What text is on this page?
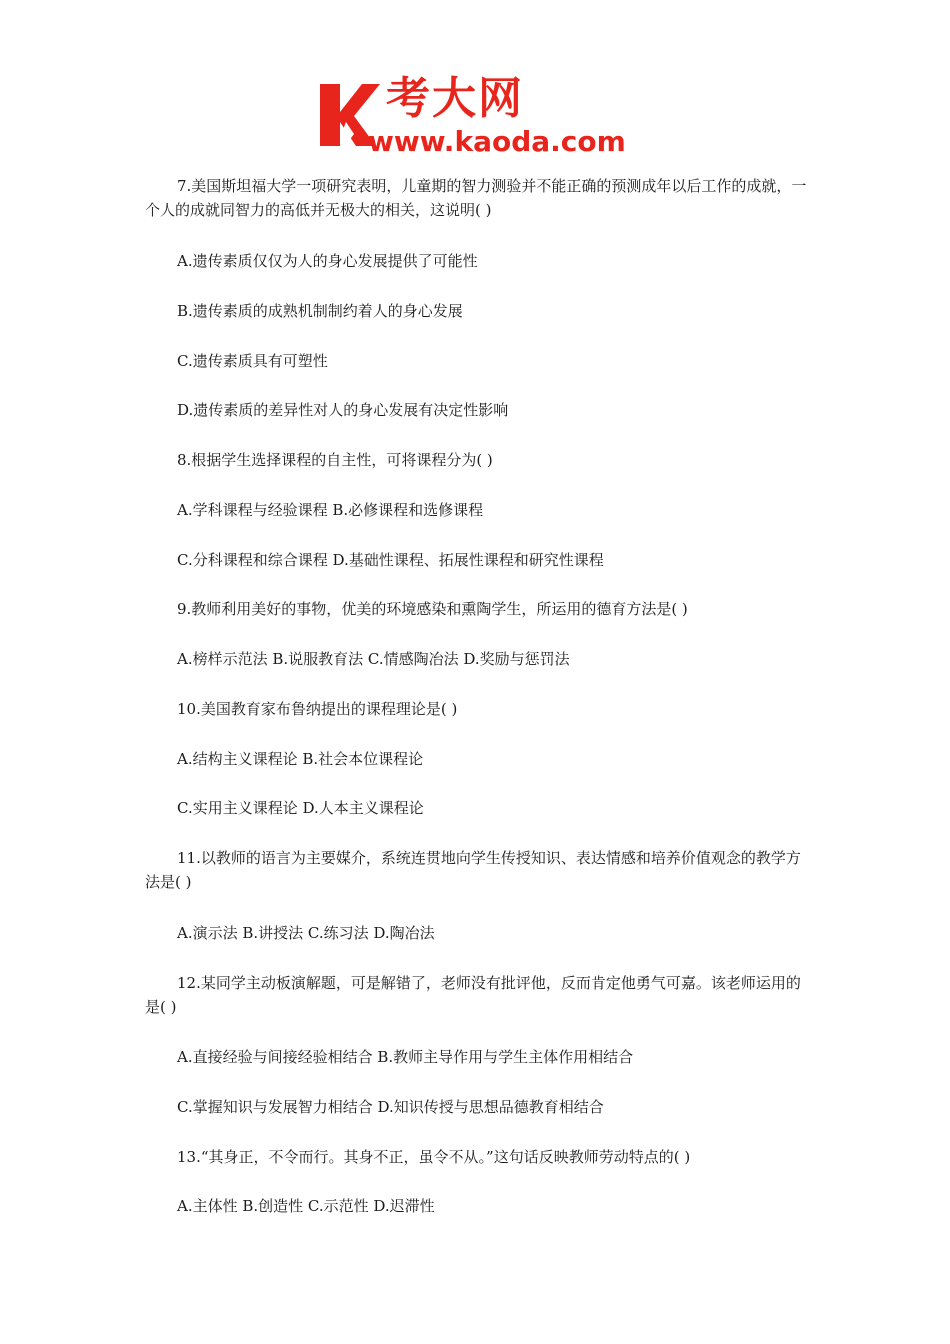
考大网
www.kaoda.com
7.美国斯坦福大学一项研究表明，儿童期的智力测验并不能正确的预测成年以后工作的成就，一个人的成就同智力的高低并无极大的相关，这说明( )
A.遗传素质仅仅为人的身心发展提供了可能性
B.遗传素质的成熟机制制约着人的身心发展
C.遗传素质具有可塑性
D.遗传素质的差异性对人的身心发展有决定性影响
8.根据学生选择课程的自主性，可将课程分为( )
A.学科课程与经验课程 B.必修课程和选修课程
C.分科课程和综合课程 D.基础性课程、拓展性课程和研究性课程
9.教师利用美好的事物，优美的环境感染和熏陶学生，所运用的德育方法是( )
A.榜样示范法 B.说服教育法 C.情感陶冶法 D.奖励与惩罚法
10.美国教育家布鲁纳提出的课程理论是( )
A.结构主义课程论 B.社会本位课程论
C.实用主义课程论 D.人本主义课程论
11.以教师的语言为主要媒介，系统连贯地向学生传授知识、表达情感和培养价值观念的教学方法是( )
A.演示法 B.讲授法 C.练习法 D.陶冶法
12.某同学主动板演解题，可是解错了，老师没有批评他，反而肯定他勇气可嘉。该老师运用的是( )
A.直接经验与间接经验相结合 B.教师主导作用与学生主体作用相结合
C.掌握知识与发展智力相结合 D.知识传授与思想品德教育相结合
13.“其身正，不令而行。其身不正，虽令不从。”这句话反映教师劳动特点的( )
A.主体性 B.创造性 C.示范性 D.迟滞性
